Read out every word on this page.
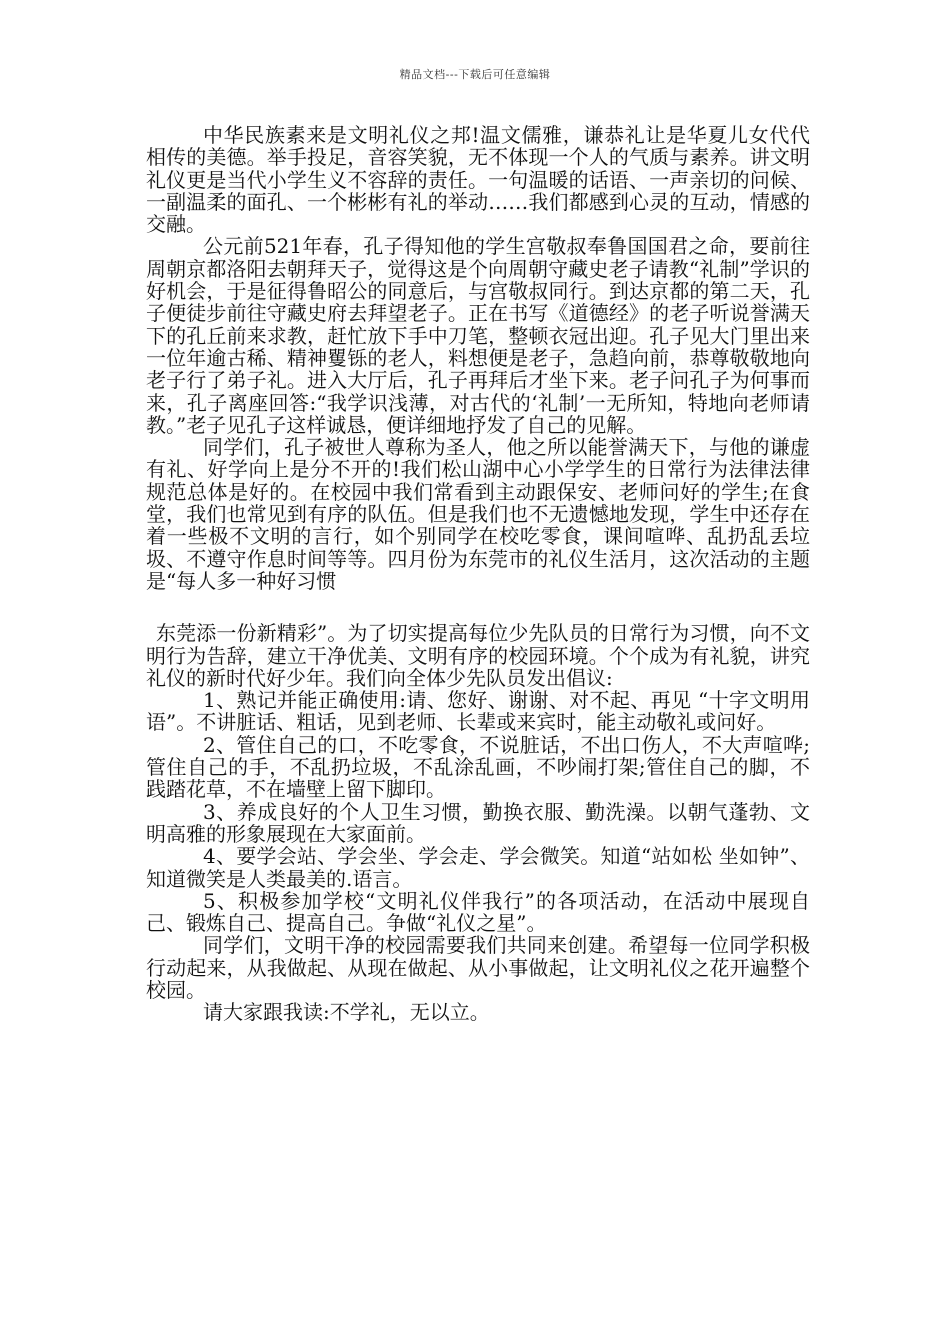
精品文档---下载后可任意编辑

中华民族素来是文明礼仪之邦!温文儒雅，谦恭礼让是华夏儿女代代相传的美德。举手投足，音容笑貌，无不体现一个人的气质与素养。讲文明礼仪更是当代小学生义不容辞的责任。一句温暖的话语、一声亲切的问候、一副温柔的面孔、一个彬彬有礼的举动……我们都感到心灵的互动，情感的交融。

公元前521年春，孔子得知他的学生宫敬叔奉鲁国国君之命，要前往周朝京都洛阳去朝拜天子，觉得这是个向周朝守藏史老子请教“礼制”学识的好机会，于是征得鲁昭公的同意后，与宫敬叔同行。到达京都的第二天，孔子便徒步前往守藏史府去拜望老子。正在书写《道德经》的老子听说誉满天下的孔丘前来求教，赶忙放下手中刀笔，整顿衣冠出迎。孔子见大门里出来一位年逾古稀、精神矍铄的老人，料想便是老子，急趋向前，恭尊敬敬地向老子行了弟子礼。进入大厅后，孔子再拜后才坐下来。老子问孔子为何事而来，孔子离座回答:“我学识浅薄，对古代的‘礼制’一无所知，特地向老师请教。”老子见孔子这样诚恳，便详细地抒发了自己的见解。

同学们，孔子被世人尊称为圣人，他之所以能誉满天下，与他的谦虚有礼、好学向上是分不开的!我们松山湖中心小学学生的日常行为法律法律规范总体是好的。在校园中我们常看到主动跟保安、老师问好的学生;在食堂，我们也常见到有序的队伍。但是我们也不无遗憾地发现，学生中还存在着一些极不文明的言行，如个别同学在校吃零食，课间喧哗、乱扔乱丢垃圾、不遵守作息时间等等。四月份为东莞市的礼仪生活月，这次活动的主题是“每人多一种好习惯

东莞添一份新精彩”。为了切实提高每位少先队员的日常行为习惯，向不文明行为告辞，建立干净优美、文明有序的校园环境。个个成为有礼貌，讲究礼仪的新时代好少年。我们向全体少先队员发出倡议:

1、熟记并能正确使用:请、您好、谢谢、对不起、再见 “十字文明用语”。不讲脏话、粗话，见到老师、长辈或来宾时，能主动敬礼或问好。

2、管住自己的口，不吃零食，不说脏话，不出口伤人，不大声喧哗;管住自己的手，不乱扔垃圾，不乱涂乱画，不吵闹打架;管住自己的脚，不践踏花草，不在墙壁上留下脚印。

3、养成良好的个人卫生习惯，勤换衣服、勤洗澡。以朝气蓬勃、文明高雅的形象展现在大家面前。

4、要学会站、学会坐、学会走、学会微笑。知道“站如松 坐如钟”、知道微笑是人类最美的.语言。

5、积极参加学校“文明礼仪伴我行”的各项活动，在活动中展现自己、锻炼自己、提高自己。争做“礼仪之星”。

同学们，文明干净的校园需要我们共同来创建。希望每一位同学积极行动起来，从我做起、从现在做起、从小事做起，让文明礼仪之花开遍整个校园。

请大家跟我读:不学礼，无以立。
